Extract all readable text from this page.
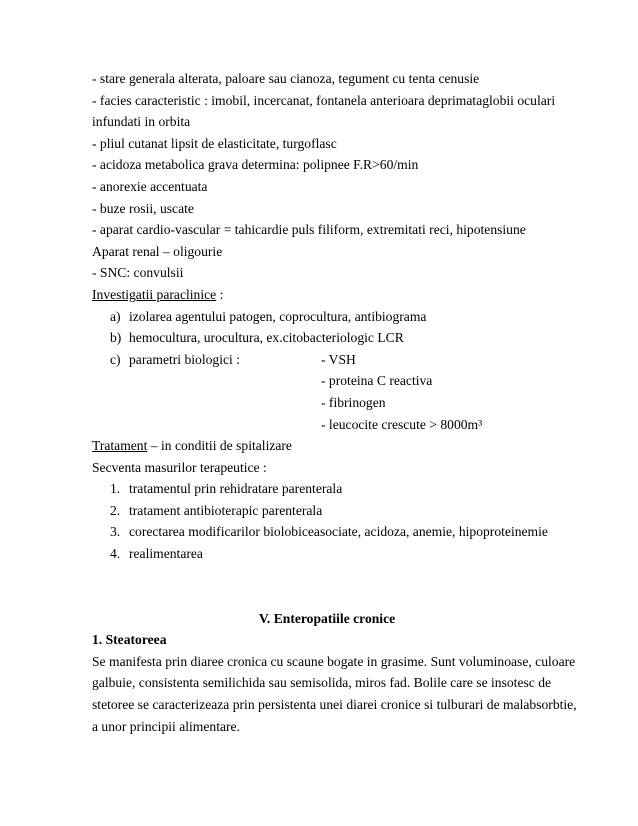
- stare generala alterata, paloare sau cianoza, tegument cu tenta cenusie
- facies caracteristic : imobil, incercanat, fontanela anterioara deprimataglobii oculari
infundati in orbita
- pliul cutanat lipsit de elasticitate, turgoflasc
- acidoza metabolica grava determina: polipnee F.R>60/min
- anorexie accentuata
- buze rosii, uscate
- aparat cardio-vascular = tahicardie puls filiform, extremitati reci, hipotensiune
Aparat renal – oligourie
- SNC: convulsii
Investigatii paraclinice :
a) izolarea agentului patogen, coprocultura, antibiograma
b) hemocultura, urocultura, ex.citobacteriologic LCR
c) parametri biologici :	- VSH
- proteina C reactiva
- fibrinogen
- leucocite crescute > 8000m³
Tratament – in conditii de spitalizare
Secventa masurilor terapeutice :
1. tratamentul prin rehidratare parenterala
2. tratament antibioterapic parenterala
3. corectarea modificarilor biolobiceasociate, acidoza, anemie, hipoproteinemie
4. realimentarea
V. Enteropatiile cronice
1. Steatoreea
Se manifesta prin diaree cronica cu scaune bogate in grasime. Sunt voluminoase, culoare
galbuie, consistenta semilichida sau semisolida, miros fad. Bolile care se insotesc de
stetoree se caracterizeaza prin persistenta unei diarei cronice si tulburari de malabsorbtie,
a unor principii alimentare.
